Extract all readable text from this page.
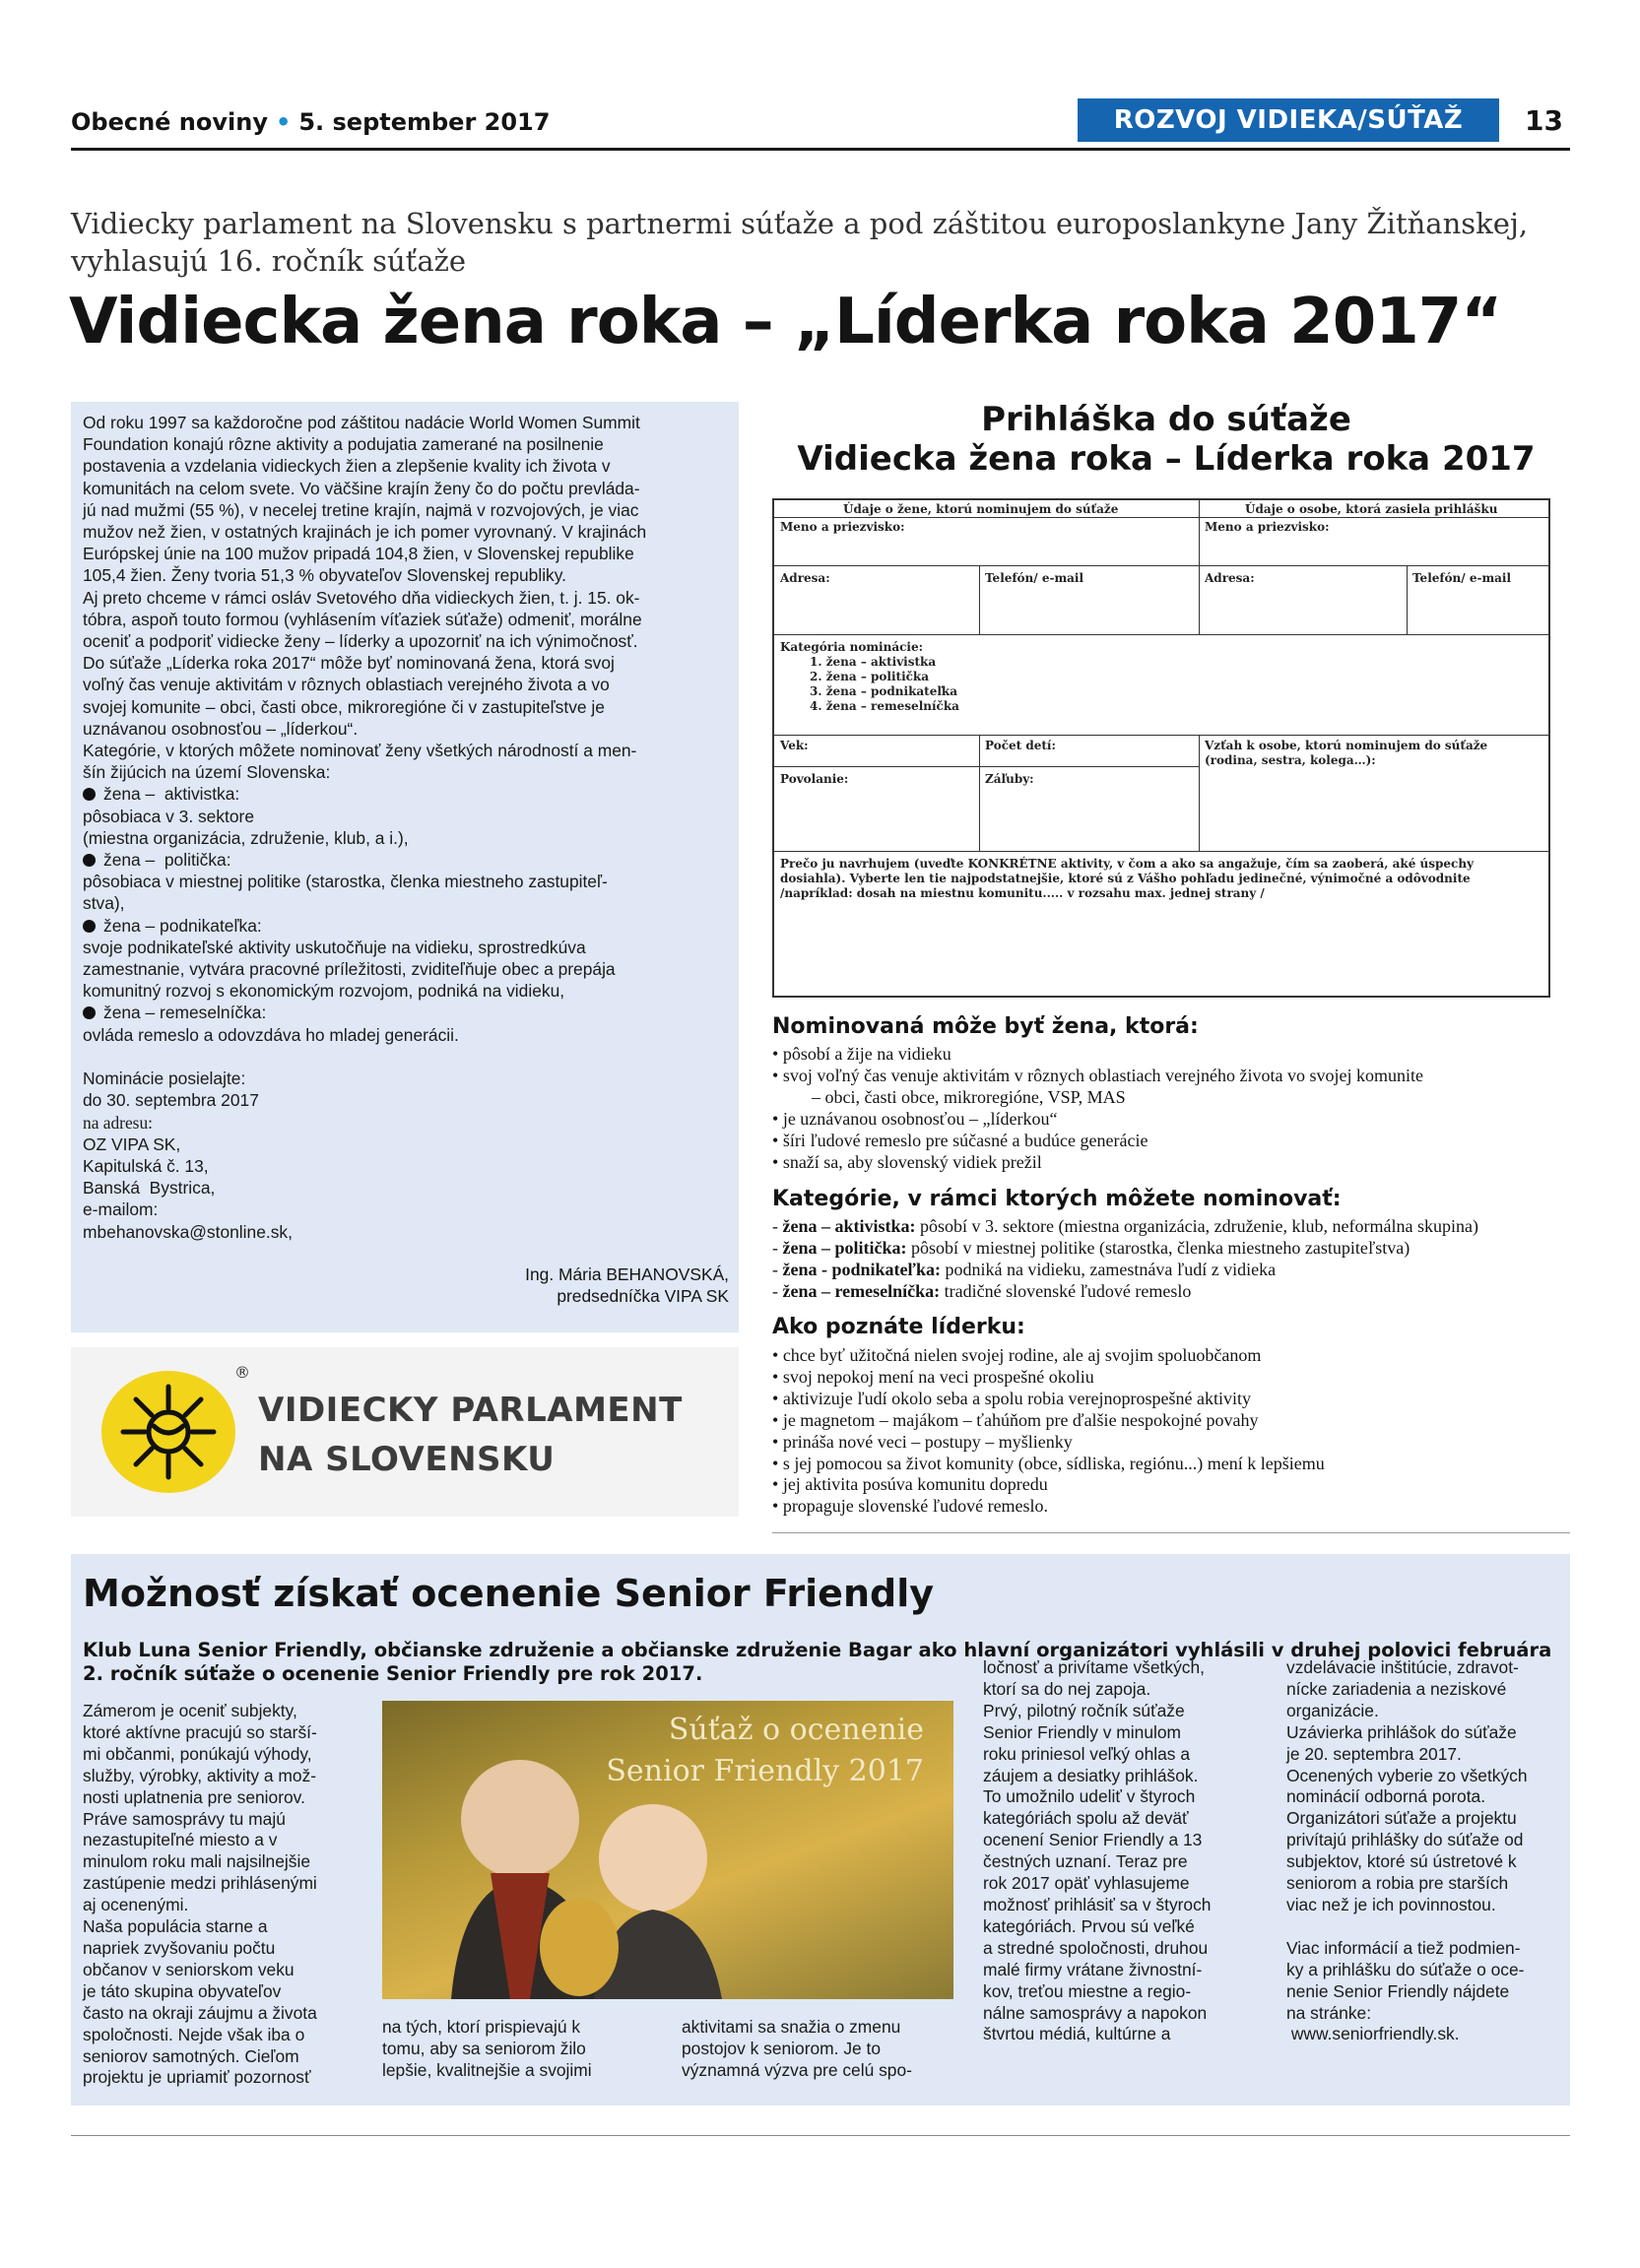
Obecné noviny • 5. september 2017	ROZVOJ VIDIEKA/SÚŤAŽ	13
Vidiecky parlament na Slovensku s partnermi súťaže a pod záštitou europoslankyne Jany Žitňanskej, vyhlasujú 16. ročník súťaže
Vidiecka žena roka – „Líderka roka 2017“
Od roku 1997 sa každoročne pod záštitou nadácie World Women Summit
Foundation konajú rôzne aktivity a podujatia zamerané na posilnenie
postavenia a vzdelania vidieckych žien a zlepšenie kvality ich života v
komunitách na celom svete. Vo väčšine krajín ženy čo do počtu prevláda-
jú nad mužmi (55 %), v necelej tretine krajín, najmä v rozvojových, je viac
mužov než žien, v ostatných krajinách je ich pomer vyrovnaný. V krajinách
Európskej únie na 100 mužov pripadá 104,8 žien, v Slovenskej republike
105,4 žien. Ženy tvoria 51,3 % obyvateľov Slovenskej republiky.
Aj preto chceme v rámci osláv Svetového dňa vidieckych žien, t. j. 15. ok-
tóbra, aspoň touto formou (vyhlásením víťaziek súťaže) odmeniť, morálne
oceniť a podporiť vidiecke ženy – líderky a upozorniť na ich výnimočnosť.
Do súťaže „Líderka roka 2017“ môže byť nominovaná žena, ktorá svoj
voľný čas venuje aktivitám v rôznych oblastiach verejného života a vo
svojej komunite – obci, časti obce, mikroregióne či v zastupiteľstve je
uznávanou osobnosťou – „líderkou“.
Kategórie, v ktorých môžete nominovať ženy všetkých národností a men-
šín žijúcich na území Slovenska:
žena –  aktivistka:
pôsobiaca v 3. sektore
(miestna organizácia, združenie, klub, a i.),
žena –  politička:
pôsobiaca v miestnej politike (starostka, členka miestneho zastupiteľ-
stva),
žena – podnikateľka:
svoje podnikateľské aktivity uskutočňuje na vidieku, sprostredkúva
zamestnanie, vytvára pracovné príležitosti, zviditeľňuje obec a prepája
komunitný rozvoj s ekonomickým rozvojom, podniká na vidieku,
žena – remeselníčka:
ovláda remeslo a odovzdáva ho mladej generácii.

Nominácie posielajte:
do 30. septembra 2017
na adresu:
OZ VIPA SK,
Kapitulská č. 13,
Banská  Bystrica,
e-mailom:
mbehanovska@stonline.sk,
Ing. Mária BEHANOVSKÁ,
predsedníčka VIPA SK
®
VIDIECKY PARLAMENT
NA SLOVENSKU
Prihláška do súťaže
Vidiecka žena roka – Líderka roka 2017
Údaje o žene, ktorú nominujem do súťaže	Údaje o osobe, ktorá zasiela prihlášku
Meno a priezvisko:	Meno a priezvisko:
Adresa:	Telefón/ e-mail	Adresa:	Telefón/ e-mail
Kategória nominácie:
1. žena – aktivistka
2. žena – politička
3. žena – podnikateľka
4. žena – remeselníčka
Vek:	Počet detí:	Vzťah k osobe, ktorú nominujem do súťaže
(rodina, sestra, kolega…):
Povolanie:	Záľuby:
Prečo ju navrhujem (uveďte KONKRÉTNE aktivity, v čom a ako sa angažuje, čím sa zaoberá, aké úspechy
dosiahla). Vyberte len tie najpodstatnejšie, ktoré sú z Vášho pohľadu jedinečné, výnimočné a odôvodnite
/napríklad: dosah na miestnu komunitu..... v rozsahu max. jednej strany /
Nominovaná môže byť žena, ktorá:
• pôsobí a žije na vidieku
• svoj voľný čas venuje aktivitám v rôznych oblastiach verejného života vo svojej komunite
– obci, časti obce, mikroregióne, VSP, MAS
• je uznávanou osobnosťou – „líderkou“
• šíri ľudové remeslo pre súčasné a budúce generácie
• snaží sa, aby slovenský vidiek prežil
Kategórie, v rámci ktorých môžete nominovať:
- žena – aktivistka: pôsobí v 3. sektore (miestna organizácia, združenie, klub, neformálna skupina)
- žena – politička: pôsobí v miestnej politike (starostka, členka miestneho zastupiteľstva)
- žena - podnikateľka: podniká na vidieku, zamestnáva ľudí z vidieka
- žena – remeselníčka: tradičné slovenské ľudové remeslo
Ako poznáte líderku:
• chce byť užitočná nielen svojej rodine, ale aj svojim spoluobčanom
• svoj nepokoj mení na veci prospešné okoliu
• aktivizuje ľudí okolo seba a spolu robia verejnoprospešné aktivity
• je magnetom – majákom – ťahúňom pre ďalšie nespokojné povahy
• prináša nové veci – postupy – myšlienky
• s jej pomocou sa život komunity (obce, sídliska, regiónu...) mení k lepšiemu
• jej aktivita posúva komunitu dopredu
• propaguje slovenské ľudové remeslo.
Možnosť získať ocenenie Senior Friendly
Klub Luna Senior Friendly, občianske združenie a občianske združenie Bagar ako hlavní organizátori vyhlásili v druhej polovici februára 2. ročník súťaže o ocenenie Senior Friendly pre rok 2017.
Zámerom je oceniť subjekty,
ktoré aktívne pracujú so starší-
mi občanmi, ponúkajú výhody,
služby, výrobky, aktivity a mož-
nosti uplatnenia pre seniorov.
Práve samosprávy tu majú
nezastupiteľné miesto a v
minulom roku mali najsilnejšie
zastúpenie medzi prihlásenými
aj ocenenými.
Naša populácia starne a
napriek zvyšovaniu počtu
občanov v seniorskom veku
je táto skupina obyvateľov
často na okraji záujmu a života
spoločnosti. Nejde však iba o
seniorov samotných. Cieľom
projektu je upriamiť pozornosť
Súťaž o ocenenie
Senior Friendly 2017
na tých, ktorí prispievajú k
tomu, aby sa seniorom žilo
lepšie, kvalitnejšie a svojimi
aktivitami sa snažia o zmenu
postojov k seniorom. Je to
významná výzva pre celú spo-
ločnosť a privítame všetkých,
ktorí sa do nej zapoja.
Prvý, pilotný ročník súťaže
Senior Friendly v minulom
roku priniesol veľký ohlas a
záujem a desiatky prihlášok.
To umožnilo udeliť v štyroch
kategóriách spolu až deväť
ocenení Senior Friendly a 13
čestných uznaní. Teraz pre
rok 2017 opäť vyhlasujeme
možnosť prihlásiť sa v štyroch
kategóriách. Prvou sú veľké
a stredné spoločnosti, druhou
malé firmy vrátane živnostní-
kov, treťou miestne a regio-
nálne samosprávy a napokon
štvrtou médiá, kultúrne a
vzdelávacie inštitúcie, zdravot-
nícke zariadenia a neziskové
organizácie.
Uzávierka prihlášok do súťaže
je 20. septembra 2017.
Ocenených vyberie zo všetkých
nominácií odborná porota.
Organizátori súťaže a projektu
privítajú prihlášky do súťaže od
subjektov, ktoré sú ústretové k
seniorom a robia pre starších
viac než je ich povinnostou.

Viac informácií a tiež podmien-
ky a prihlášku do súťaže o oce-
nenie Senior Friendly nájdete
na stránke:
www.seniorfriendly.sk.
